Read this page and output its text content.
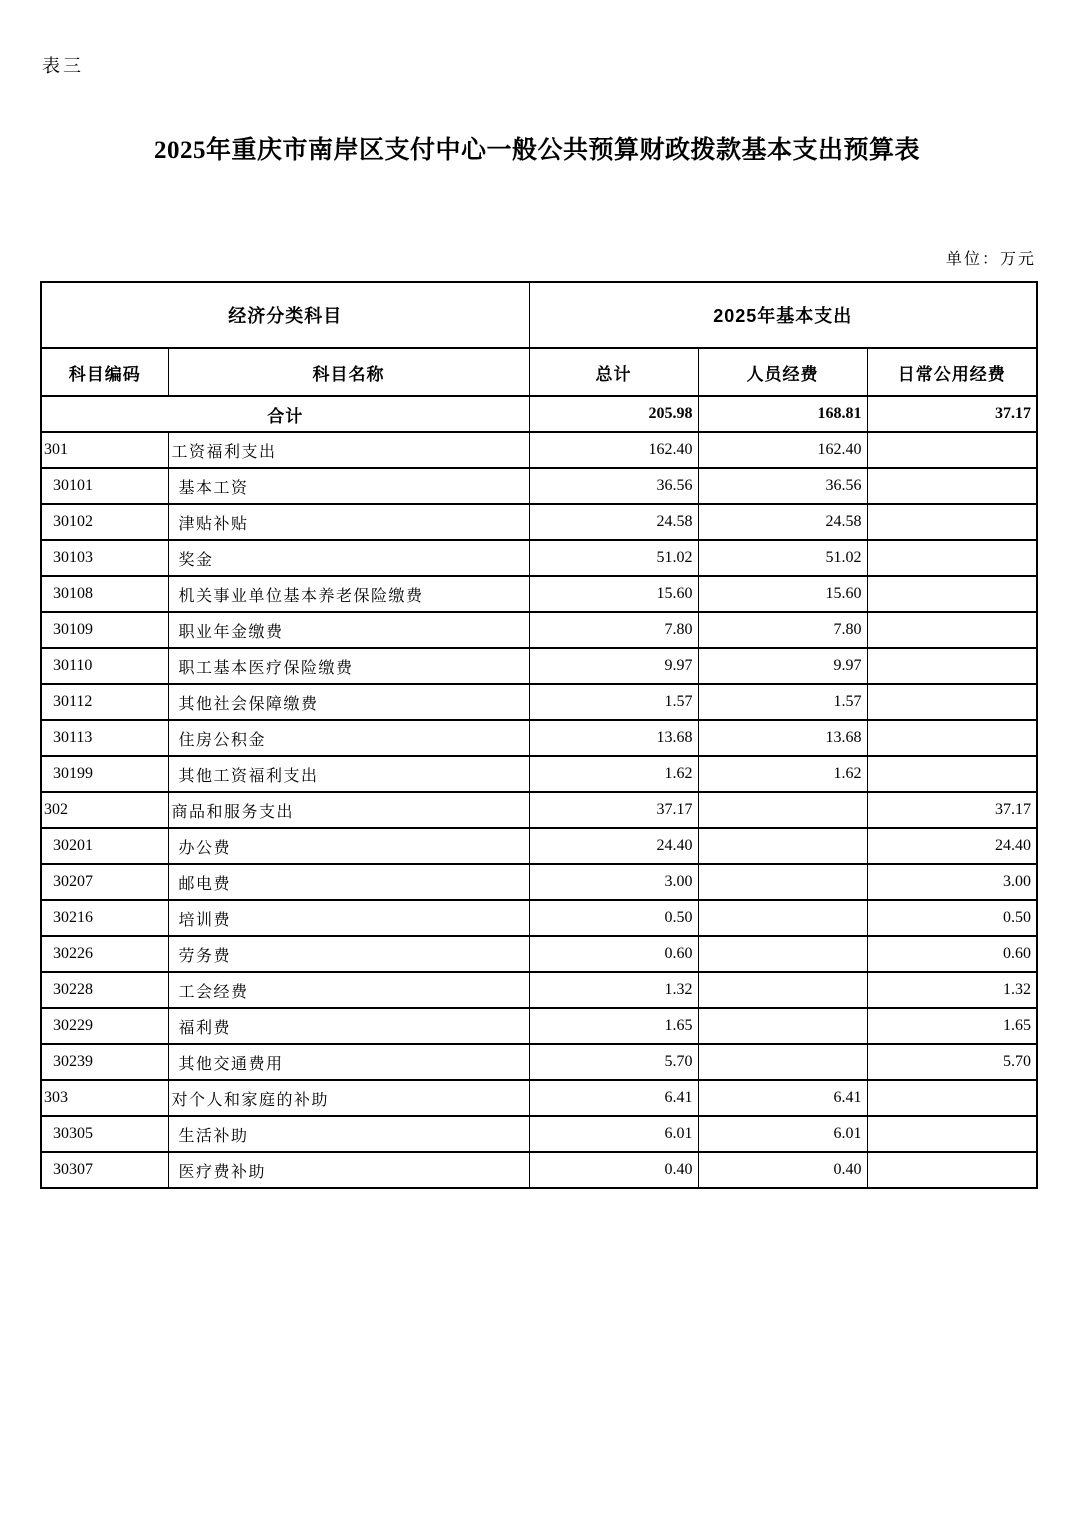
表三
2025年重庆市南岸区支付中心一般公共预算财政拨款基本支出预算表
单位：万元
经济分类科目		2025年基本支出		
科目编码	科目名称	总计	人员经费	日常公用经费
合计		205.98	168.81	37.17
301	工资福利支出	162.40	162.40	
30101	基本工资	36.56	36.56	
30102	津贴补贴	24.58	24.58	
30103	奖金	51.02	51.02	
30108	机关事业单位基本养老保险缴费	15.60	15.60	
30109	职业年金缴费	7.80	7.80	
30110	职工基本医疗保险缴费	9.97	9.97	
30112	其他社会保障缴费	1.57	1.57	
30113	住房公积金	13.68	13.68	
30199	其他工资福利支出	1.62	1.62	
302	商品和服务支出	37.17		37.17
30201	办公费	24.40		24.40
30207	邮电费	3.00		3.00
30216	培训费	0.50		0.50
30226	劳务费	0.60		0.60
30228	工会经费	1.32		1.32
30229	福利费	1.65		1.65
30239	其他交通费用	5.70		5.70
303	对个人和家庭的补助	6.41	6.41	
30305	生活补助	6.01	6.01	
30307	医疗费补助	0.40	0.40	
